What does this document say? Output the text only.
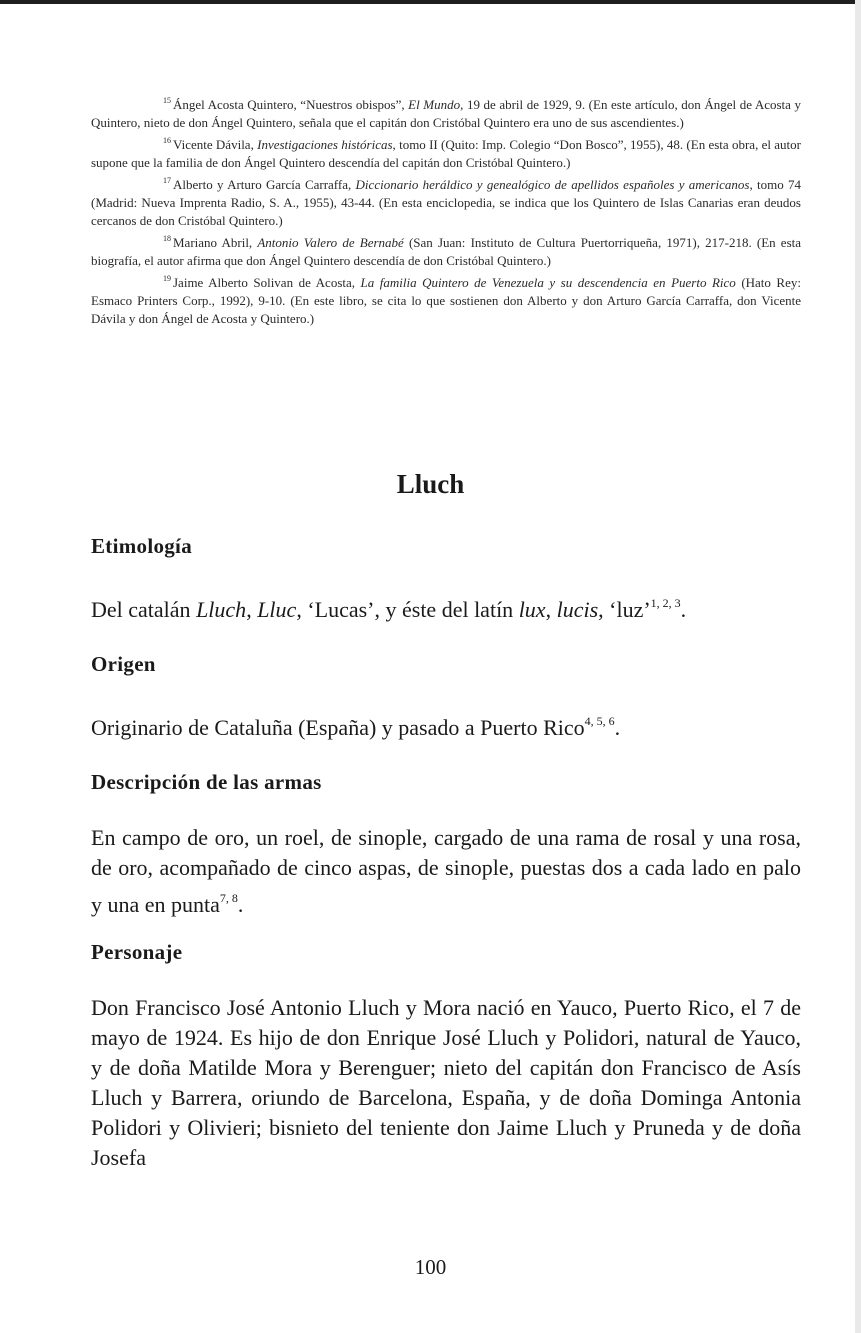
$^{15}$ Ángel Acosta Quintero, “Nuestros obispos”, El Mundo, 19 de abril de 1929, 9. (En este artículo, don Ángel de Acosta y Quintero, nieto de don Ángel Quintero, señala que el capitán don Cristóbal Quintero era uno de sus ascendientes.)

$^{16}$ Vicente Dávila, Investigaciones históricas, tomo II (Quito: Imp. Colegio “Don Bosco”, 1955), 48. (En esta obra, el autor supone que la familia de don Ángel Quintero descendía del capitán don Cristóbal Quintero.)

$^{17}$ Alberto y Arturo García Carraffa, Diccionario heráldico y genealógico de apellidos españoles y americanos, tomo 74 (Madrid: Nueva Imprenta Radio, S. A., 1955), 43-44. (En esta enciclopedia, se indica que los Quintero de Islas Canarias eran deudos cercanos de don Cristóbal Quintero.)

$^{18}$ Mariano Abril, Antonio Valero de Bernabé (San Juan: Instituto de Cultura Puertorriqueña, 1971), 217-218. (En esta biografía, el autor afirma que don Ángel Quintero descendía de don Cristóbal Quintero.)

$^{19}$ Jaime Alberto Solivan de Acosta, La familia Quintero de Venezuela y su descendencia en Puerto Rico (Hato Rey: Esmaco Printers Corp., 1992), 9-10. (En este libro, se cita lo que sostienen don Alberto y don Arturo García Carraffa, don Vicente Dávila y don Ángel de Acosta y Quintero.)

Lluch
Etimología

Del catalán Lluch, Lluc, ‘Lucas’, y éste del latín lux, lucis, ‘luz’$^{1, 2, 3}$.

Origen

Originario de Cataluña (España) y pasado a Puerto Rico$^{4, 5, 6}$.

Descripción de las armas

En campo de oro, un roel, de sinople, cargado de una rama de rosal y una rosa, de oro, acompañado de cinco aspas, de sinople, puestas dos a cada lado en palo y una en punta$^{7, 8}$.

Personaje

Don Francisco José Antonio Lluch y Mora nació en Yauco, Puerto Rico, el 7 de mayo de 1924. Es hijo de don Enrique José Lluch y Polidori, natural de Yauco, y de doña Matilde Mora y Berenguer; nieto del capitán don Francisco de Asís Lluch y Barrera, oriundo de Barcelona, España, y de doña Dominga Antonia Polidori y Olivieri; bisnieto del teniente don Jaime Lluch y Pruneda y de doña Josefa

100
